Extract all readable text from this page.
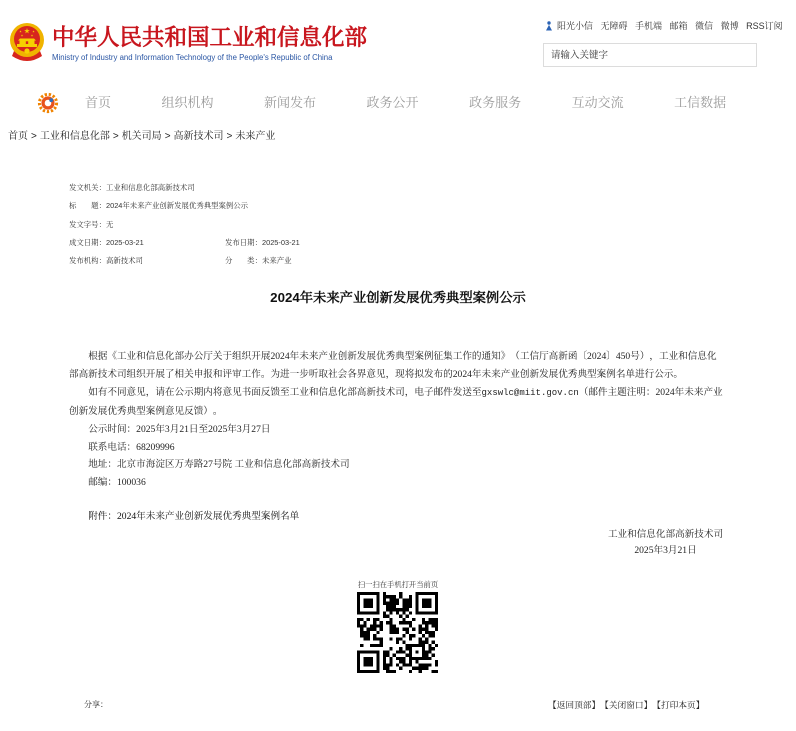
中华人民共和国工业和信息化部
Ministry of Industry and Information Technology of the People's Republic of China
阳光小信 无障碍 手机端 邮箱 微信 微博 RSS订阅
请输入关键字
首页	组织机构	新闻发布	政务公开	政务服务	互动交流	工信数据
首页 > 工业和信息化部 > 机关司局 > 高新技术司 > 未来产业
发文机关：工业和信息化部高新技术司
标　　题：2024年未来产业创新发展优秀典型案例公示
发文字号：无
成文日期：2025-03-21	发布日期：2025-03-21
发布机构：高新技术司	分　　类：未来产业
2024年未来产业创新发展优秀典型案例公示

根据《工业和信息化部办公厅关于组织开展2024年未来产业创新发展优秀典型案例征集工作的通知》（工信厅高新函〔2024〕450号），工业和信息化部高新技术司组织开展了相关申报和评审工作。为进一步听取社会各界意见，现将拟发布的2024年未来产业创新发展优秀典型案例名单进行公示。

如有不同意见，请在公示期内将意见书面反馈至工业和信息化部高新技术司，电子邮件发送至gxswlc@miit.gov.cn（邮件主题注明：2024年未来产业创新发展优秀典型案例意见反馈）。

公示时间：2025年3月21日至2025年3月27日

联系电话：68209996

地址：北京市海淀区万寿路27号院 工业和信息化部高新技术司

邮编：100036

附件：2024年未来产业创新发展优秀典型案例名单

工业和信息化部高新技术司
2025年3月21日
扫一扫在手机打开当前页
分享：	【返回顶部】 【关闭窗口】 【打印本页】
